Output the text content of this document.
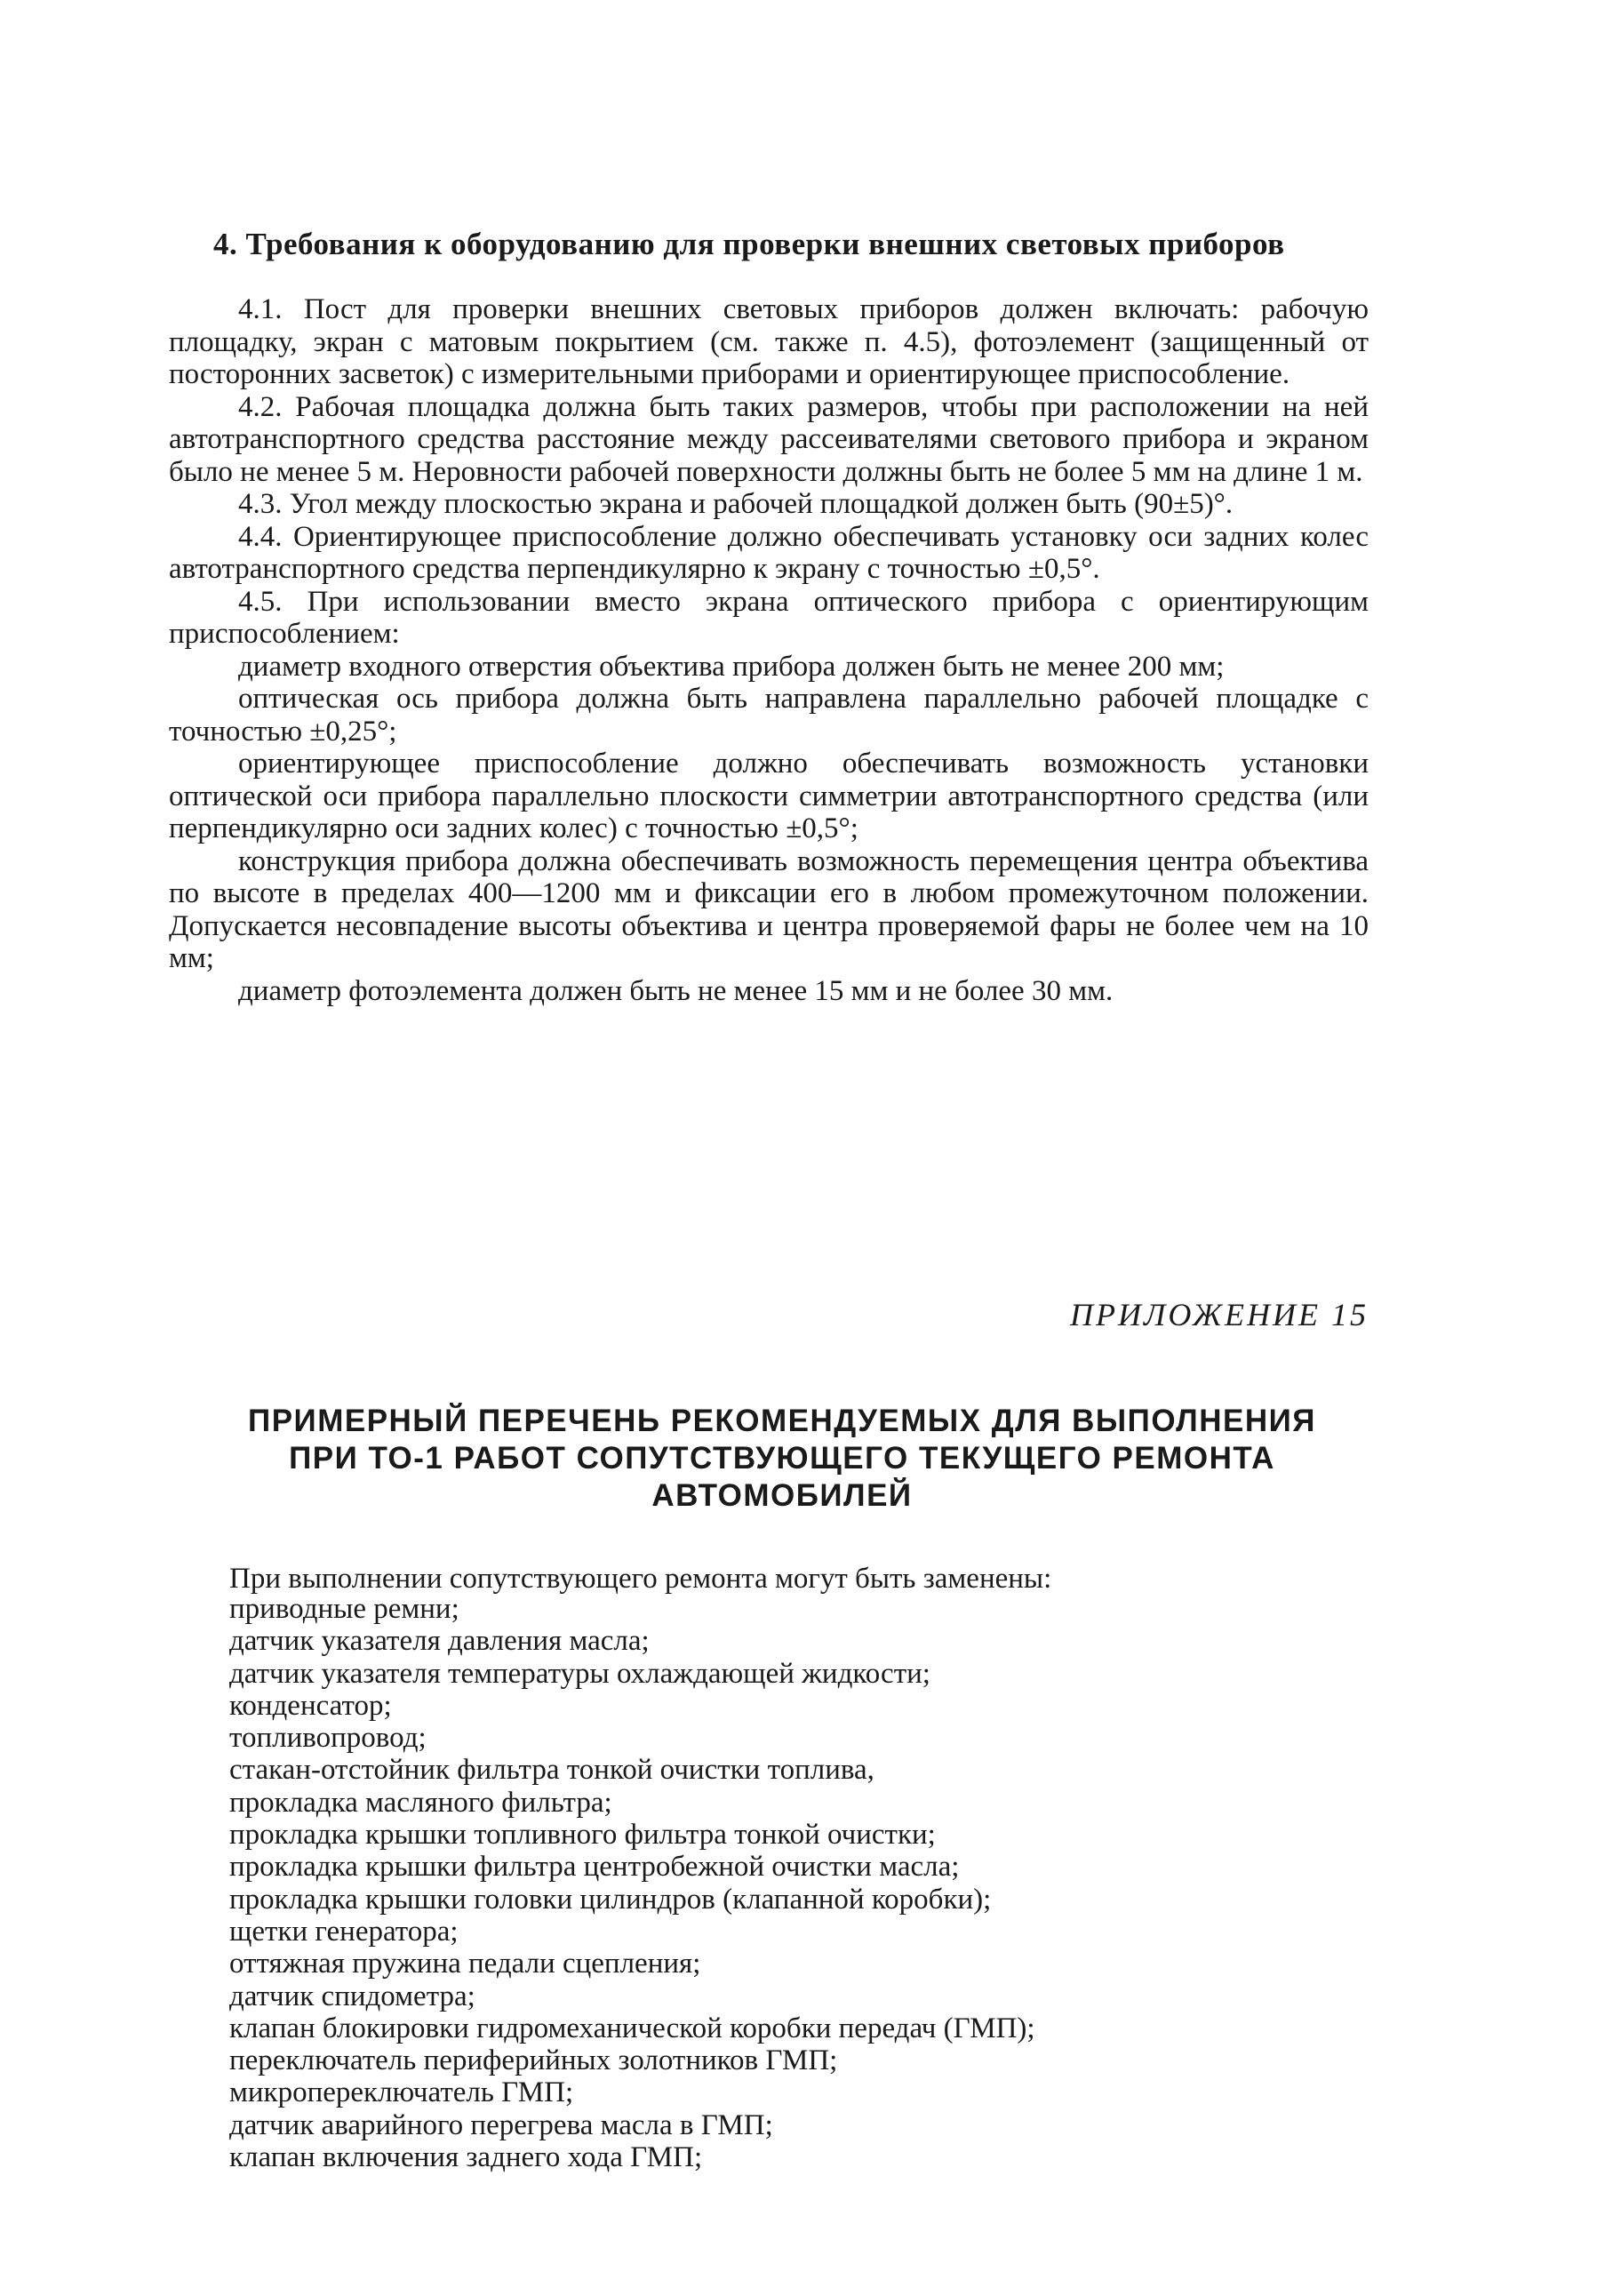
4. Требования к оборудованию для проверки внешних световых приборов

4.1. Пост для проверки внешних световых приборов должен включать: рабочую площадку, экран с матовым покрытием (см. также п. 4.5), фотоэлемент (защищенный от посторонних засветок) с измерительными приборами и ориентирующее приспособление.

4.2. Рабочая площадка должна быть таких размеров, чтобы при расположении на ней автотранспортного средства расстояние между рассеивателями светового прибора и экраном было не менее 5 м. Неровности рабочей поверхности должны быть не более 5 мм на длине 1 м.

4.3. Угол между плоскостью экрана и рабочей площадкой должен быть (90±5)°.

4.4. Ориентирующее приспособление должно обеспечивать установку оси задних колес автотранспортного средства перпендикулярно к экрану с точностью ±0,5°.

4.5. При использовании вместо экрана оптического прибора с ориентирующим приспособлением:

диаметр входного отверстия объектива прибора должен быть не менее 200 мм;

оптическая ось прибора должна быть направлена параллельно рабочей площадке с точностью ±0,25°;

ориентирующее приспособление должно обеспечивать возможность установки оптической оси прибора параллельно плоскости симметрии автотранспортного средства (или перпендикулярно оси задних колес) с точностью ±0,5°;

конструкция прибора должна обеспечивать возможность перемещения центра объектива по высоте в пределах 400—1200 мм и фиксации его в любом промежуточном положении. Допускается несовпадение высоты объектива и центра проверяемой фары не более чем на 10 мм;

диаметр фотоэлемента должен быть не менее 15 мм и не более 30 мм.

ПРИЛОЖЕНИЕ 15
ПРИМЕРНЫЙ ПЕРЕЧЕНЬ РЕКОМЕНДУЕМЫХ ДЛЯ ВЫПОЛНЕНИЯ
ПРИ ТО-1 РАБОТ СОПУТСТВУЮЩЕГО ТЕКУЩЕГО РЕМОНТА
АВТОМОБИЛЕЙ

При выполнении сопутствующего ремонта могут быть заменены:

приводные ремни;
датчик указателя давления масла;
датчик указателя температуры охлаждающей жидкости;
конденсатор;
топливопровод;
стакан-отстойник фильтра тонкой очистки топлива,
прокладка масляного фильтра;
прокладка крышки топливного фильтра тонкой очистки;
прокладка крышки фильтра центробежной очистки масла;
прокладка крышки головки цилиндров (клапанной коробки);
щетки генератора;
оттяжная пружина педали сцепления;
датчик спидометра;
клапан блокировки гидромеханической коробки передач (ГМП);
переключатель периферийных золотников ГМП;
микропереключатель ГМП;
датчик аварийного перегрева масла в ГМП;
клапан включения заднего хода ГМП;
